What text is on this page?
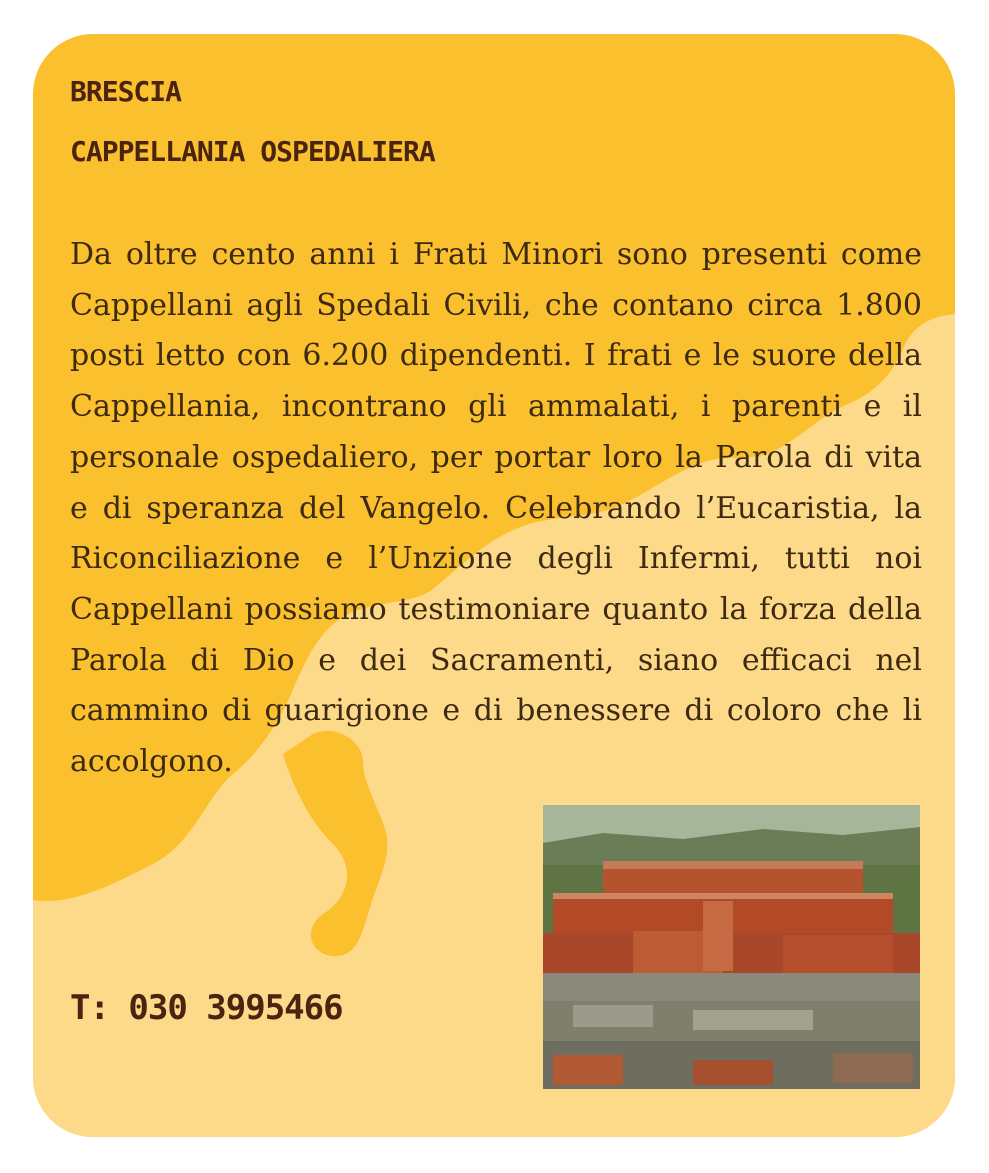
BRESCIA
CAPPELLANIA OSPEDALIERA

Da oltre cento anni i Frati Minori sono presenti come Cappellani agli Spedali Civili, che contano circa 1.800 posti letto con 6.200 dipendenti. I frati e le suore della Cappellania, incontrano gli ammalati, i parenti e il personale ospedaliero, per portar loro la Parola di vita e di speranza del Vangelo. Celebrando l’Eucaristia, la Riconciliazione e l’Unzione degli Infermi, tutti noi Cappellani possiamo testimoniare quanto la forza della Parola di Dio e dei Sacramenti, siano efficaci nel cammino di guarigione e di benessere di coloro che li accolgono.

T: 030 3995466
